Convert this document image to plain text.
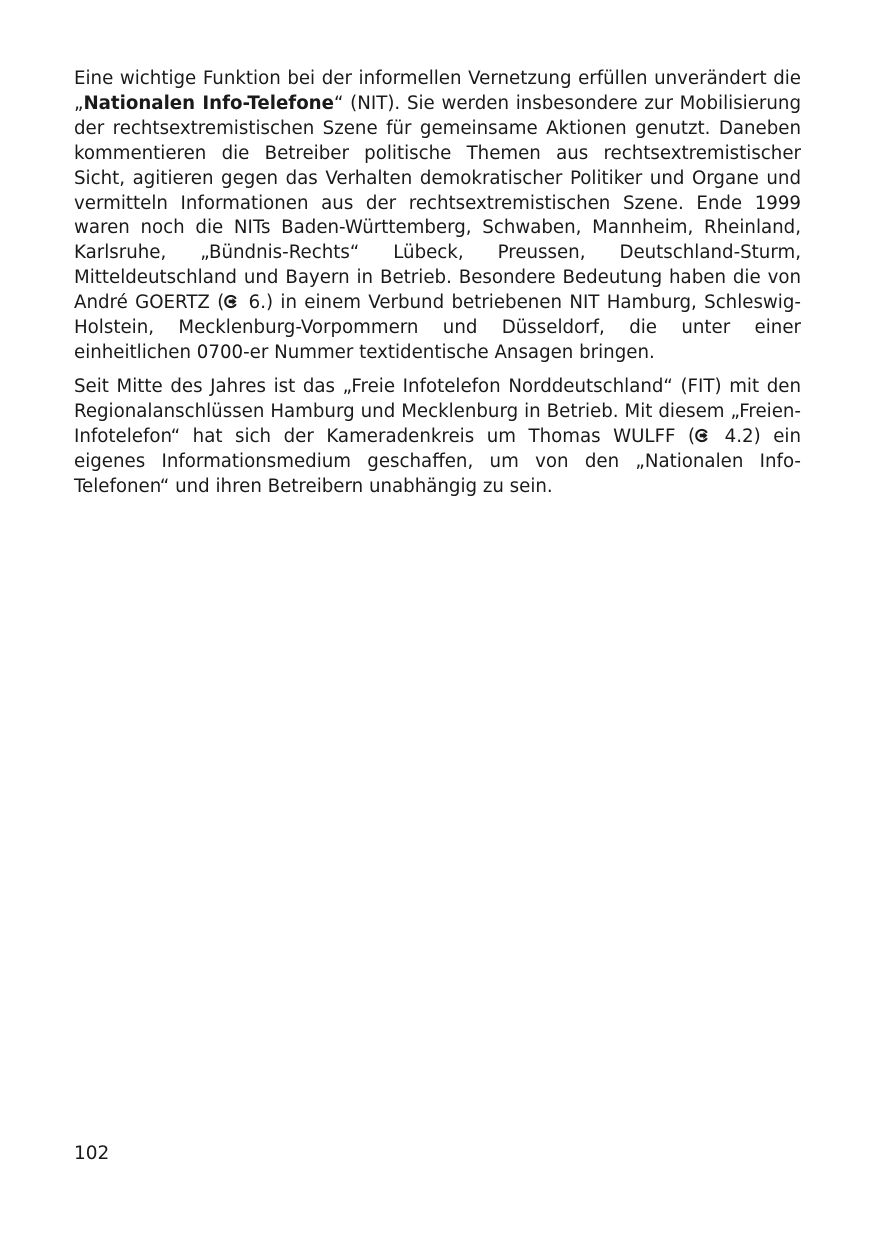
Eine wichtige Funktion bei der informellen Vernetzung erfüllen unverändert die „Nationalen Info-Telefone“ (NIT). Sie werden insbesondere zur Mobilisierung der rechtsextremistischen Szene für gemeinsame Aktionen genutzt. Daneben kommentieren die Betreiber politische Themen aus rechtsextremistischer Sicht, agitieren gegen das Verhalten demokratischer Politiker und Organe und vermitteln Informationen aus der rechtsextremistischen Szene. Ende 1999 waren noch die NITs Baden-Württemberg, Schwaben, Mannheim, Rheinland, Karlsruhe, „Bündnis-Rechts“ Lübeck, Preussen, Deutschland-Sturm, Mitteldeutschland und Bayern in Betrieb. Besondere Bedeutung haben die von André GOERTZ ( 6.) in einem Verbund betriebenen NIT Hamburg, Schleswig-Holstein, Mecklenburg-Vorpommern und Düsseldorf, die unter einer einheitlichen 0700-er Nummer textidentische Ansagen bringen.

Seit Mitte des Jahres ist das „Freie Infotelefon Norddeutschland“ (FIT) mit den Regionalanschlüssen Hamburg und Mecklenburg in Betrieb. Mit diesem „Freien-Infotelefon“ hat sich der Kameradenkreis um Thomas WULFF ( 4.2) ein eigenes Informationsmedium geschaffen, um von den „Nationalen Info-Telefonen“ und ihren Betreibern unabhängig zu sein.

102
